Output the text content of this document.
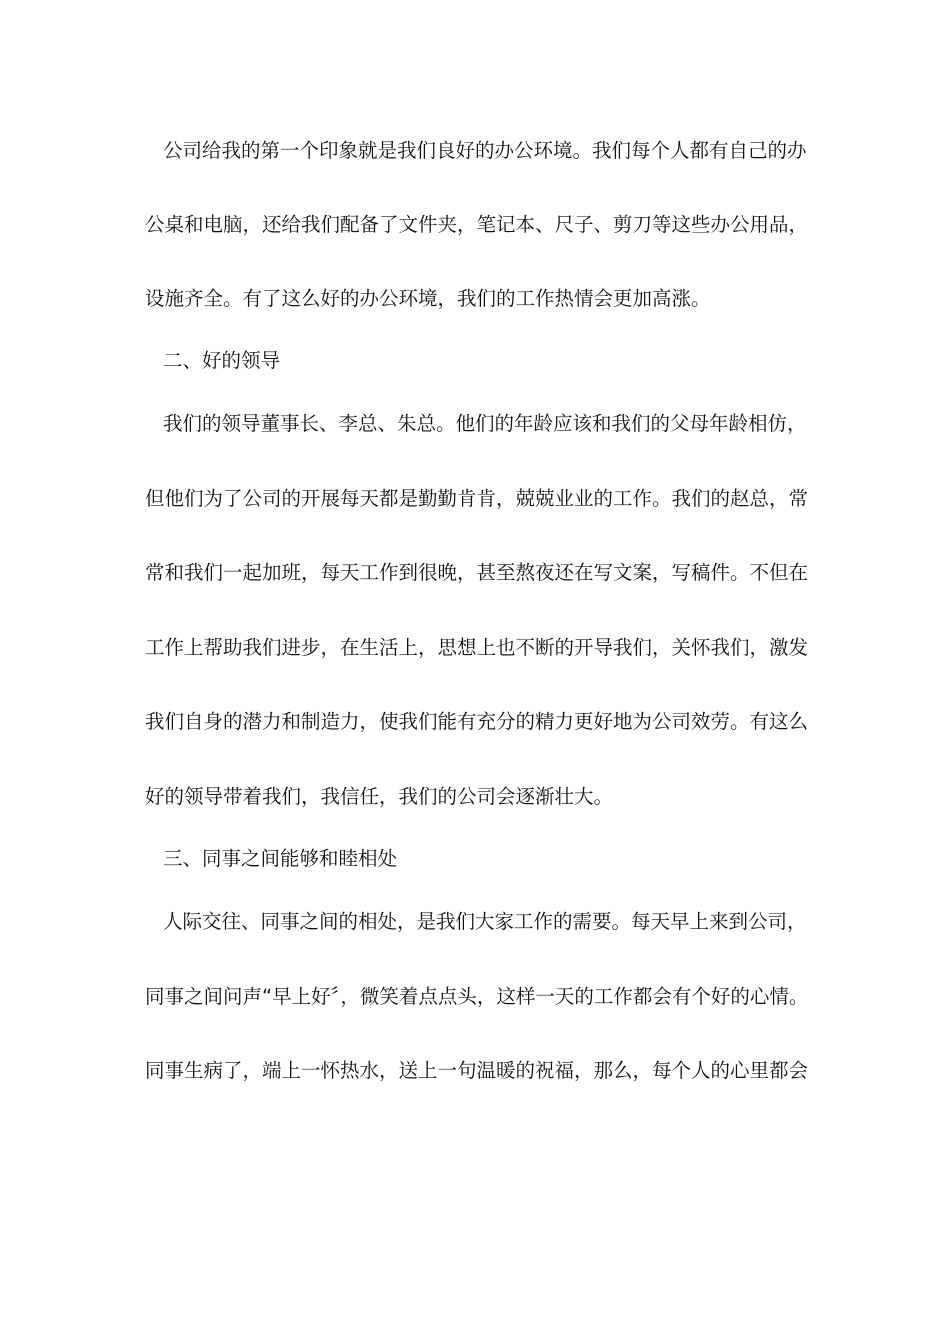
公司给我的第一个印象就是我们良好的办公环境。我们每个人都有自己的办
公桌和电脑，还给我们配备了文件夹，笔记本、尺子、剪刀等这些办公用品，
设施齐全。有了这么好的办公环境，我们的工作热情会更加高涨。
二、好的领导
我们的领导董事长、李总、朱总。他们的年龄应该和我们的父母年龄相仿，
但他们为了公司的开展每天都是勤勤肯肯，兢兢业业的工作。我们的赵总，常
常和我们一起加班，每天工作到很晚，甚至熬夜还在写文案，写稿件。不但在
工作上帮助我们进步，在生活上，思想上也不断的开导我们，关怀我们，激发
我们自身的潜力和制造力，使我们能有充分的精力更好地为公司效劳。有这么
好的领导带着我们，我信任，我们的公司会逐渐壮大。
三、同事之间能够和睦相处
人际交往、同事之间的相处，是我们大家工作的需要。每天早上来到公司，
同事之间问声“早上好〞，微笑着点点头，这样一天的工作都会有个好的心情。
同事生病了，端上一怀热水，送上一句温暖的祝福，那么，每个人的心里都会
